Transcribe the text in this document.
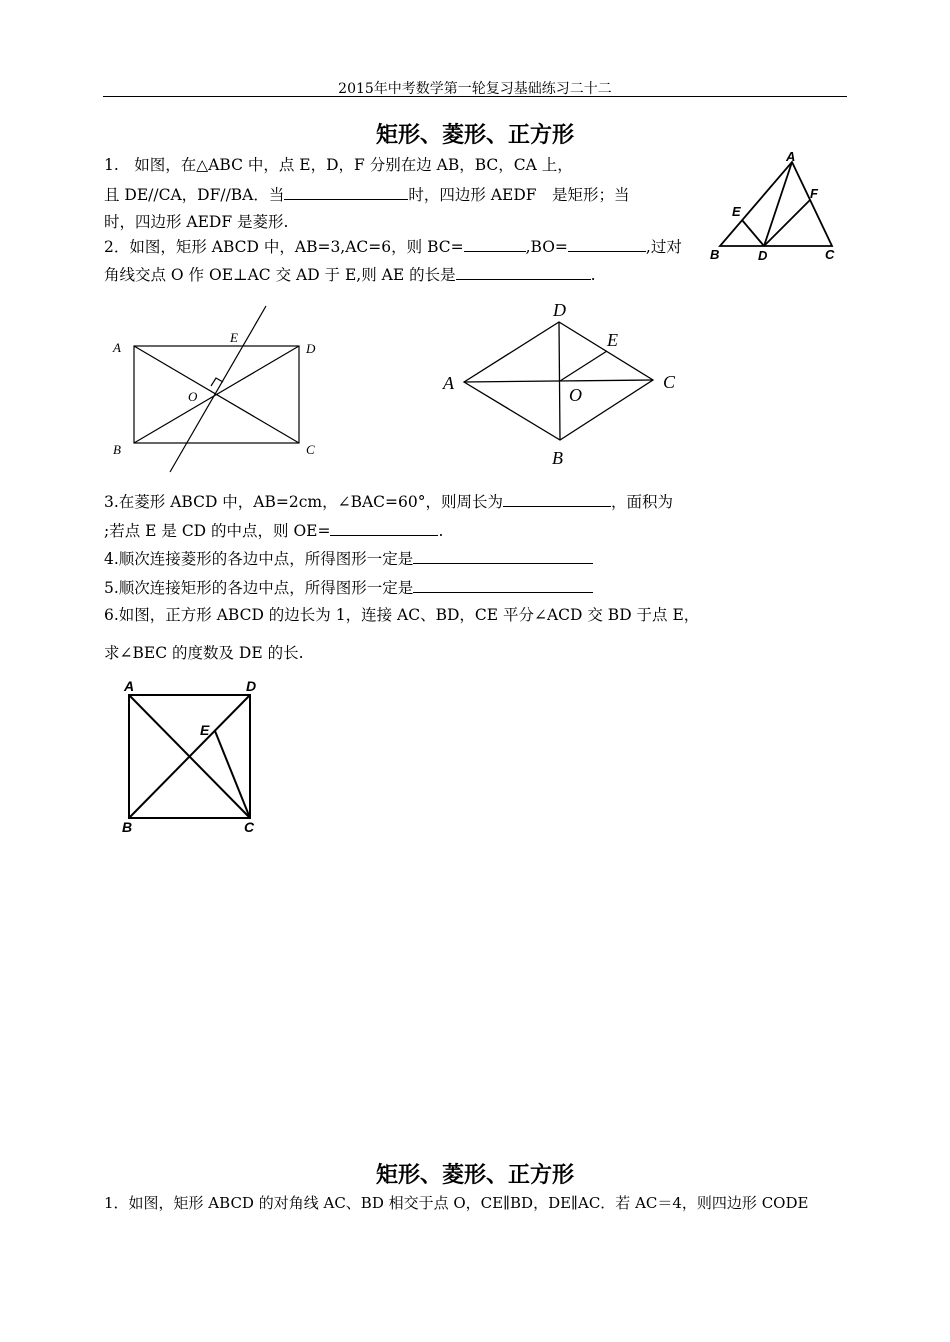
2015年中考数学第一轮复习基础练习二十二
矩形、菱形、正方形
1.　如图，在△ABC 中，点 E，D，F 分别在边 AB，BC，CA 上，
且 DE//CA，DF//BA．当	时，四边形 AEDF　是矩形；当
时，四边形 AEDF 是菱形.
2．如图，矩形 ABCD 中，AB=3,AC=6，则 BC=	,BO=	,过对
角线交点 O 作 OE⊥AC 交 AD 于 E,则 AE 的长是	.
A
B	D	C
E
F
A
E
D
O
B	C
D
E
A	C
O
B
3.在菱形 ABCD 中，AB=2cm，∠BAC=60°，则周长为	，面积为
;若点 E 是 CD 的中点，则 OE=	.
4.顺次连接菱形的各边中点，所得图形一定是
5.顺次连接矩形的各边中点，所得图形一定是
6.如图，正方形 ABCD 的边长为 1，连接 AC、BD，CE 平分∠ACD 交 BD 于点 E，
求∠BEC 的度数及 DE 的长.
A	D
E
B	C
矩形、菱形、正方形
1．如图，矩形 ABCD 的对角线 AC、BD 相交于点 O，CE∥BD，DE∥AC．若 AC＝4，则四边形 CODE
